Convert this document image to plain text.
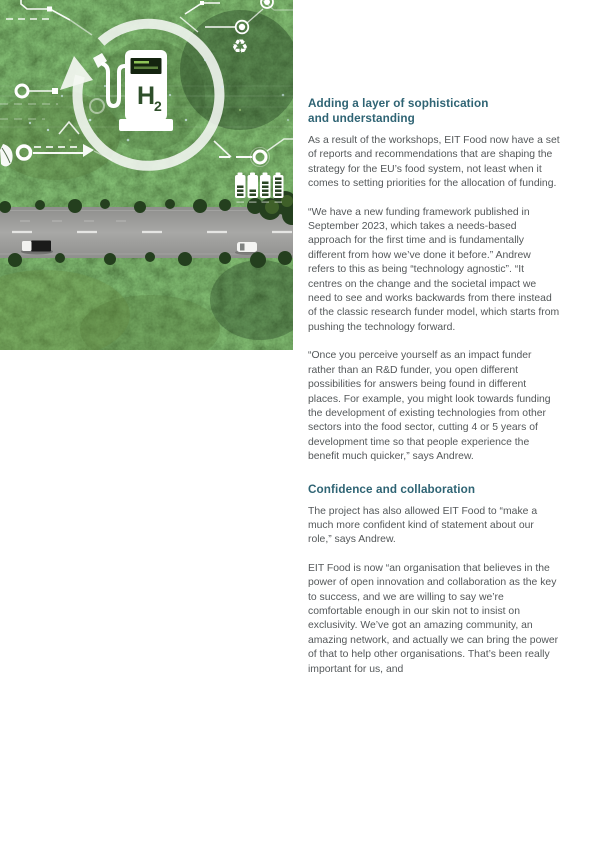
H
2
♻
Adding a layer of sophistication
and understanding

As a result of the workshops, EIT Food now have a set of reports and recommendations that are shaping the strategy for the EU’s food system, not least when it comes to setting priorities for the allocation of funding.

“We have a new funding framework published in September 2023, which takes a needs-based approach for the first time and is fundamentally different from how we’ve done it before.” Andrew refers to this as being “technology agnostic”. “It centres on the change and the societal impact we need to see and works backwards from there instead of the classic research funder model, which starts from pushing the technology forward.

“Once you perceive yourself as an impact funder rather than an R&D funder, you open different possibilities for answers being found in different places. For example, you might look towards funding the development of existing technologies from other sectors into the food sector, cutting 4 or 5 years of development time so that people experience the benefit much quicker,” says Andrew.

Confidence and collaboration

The project has also allowed EIT Food to “make a much more confident kind of statement about our role,” says Andrew.

EIT Food is now “an organisation that believes in the power of open innovation and collaboration as the key to success, and we are willing to say we’re comfortable enough in our skin not to insist on exclusivity. We’ve got an amazing community, an amazing network, and actually we can bring the power of that to help other organisations. That’s been really important for us, and
